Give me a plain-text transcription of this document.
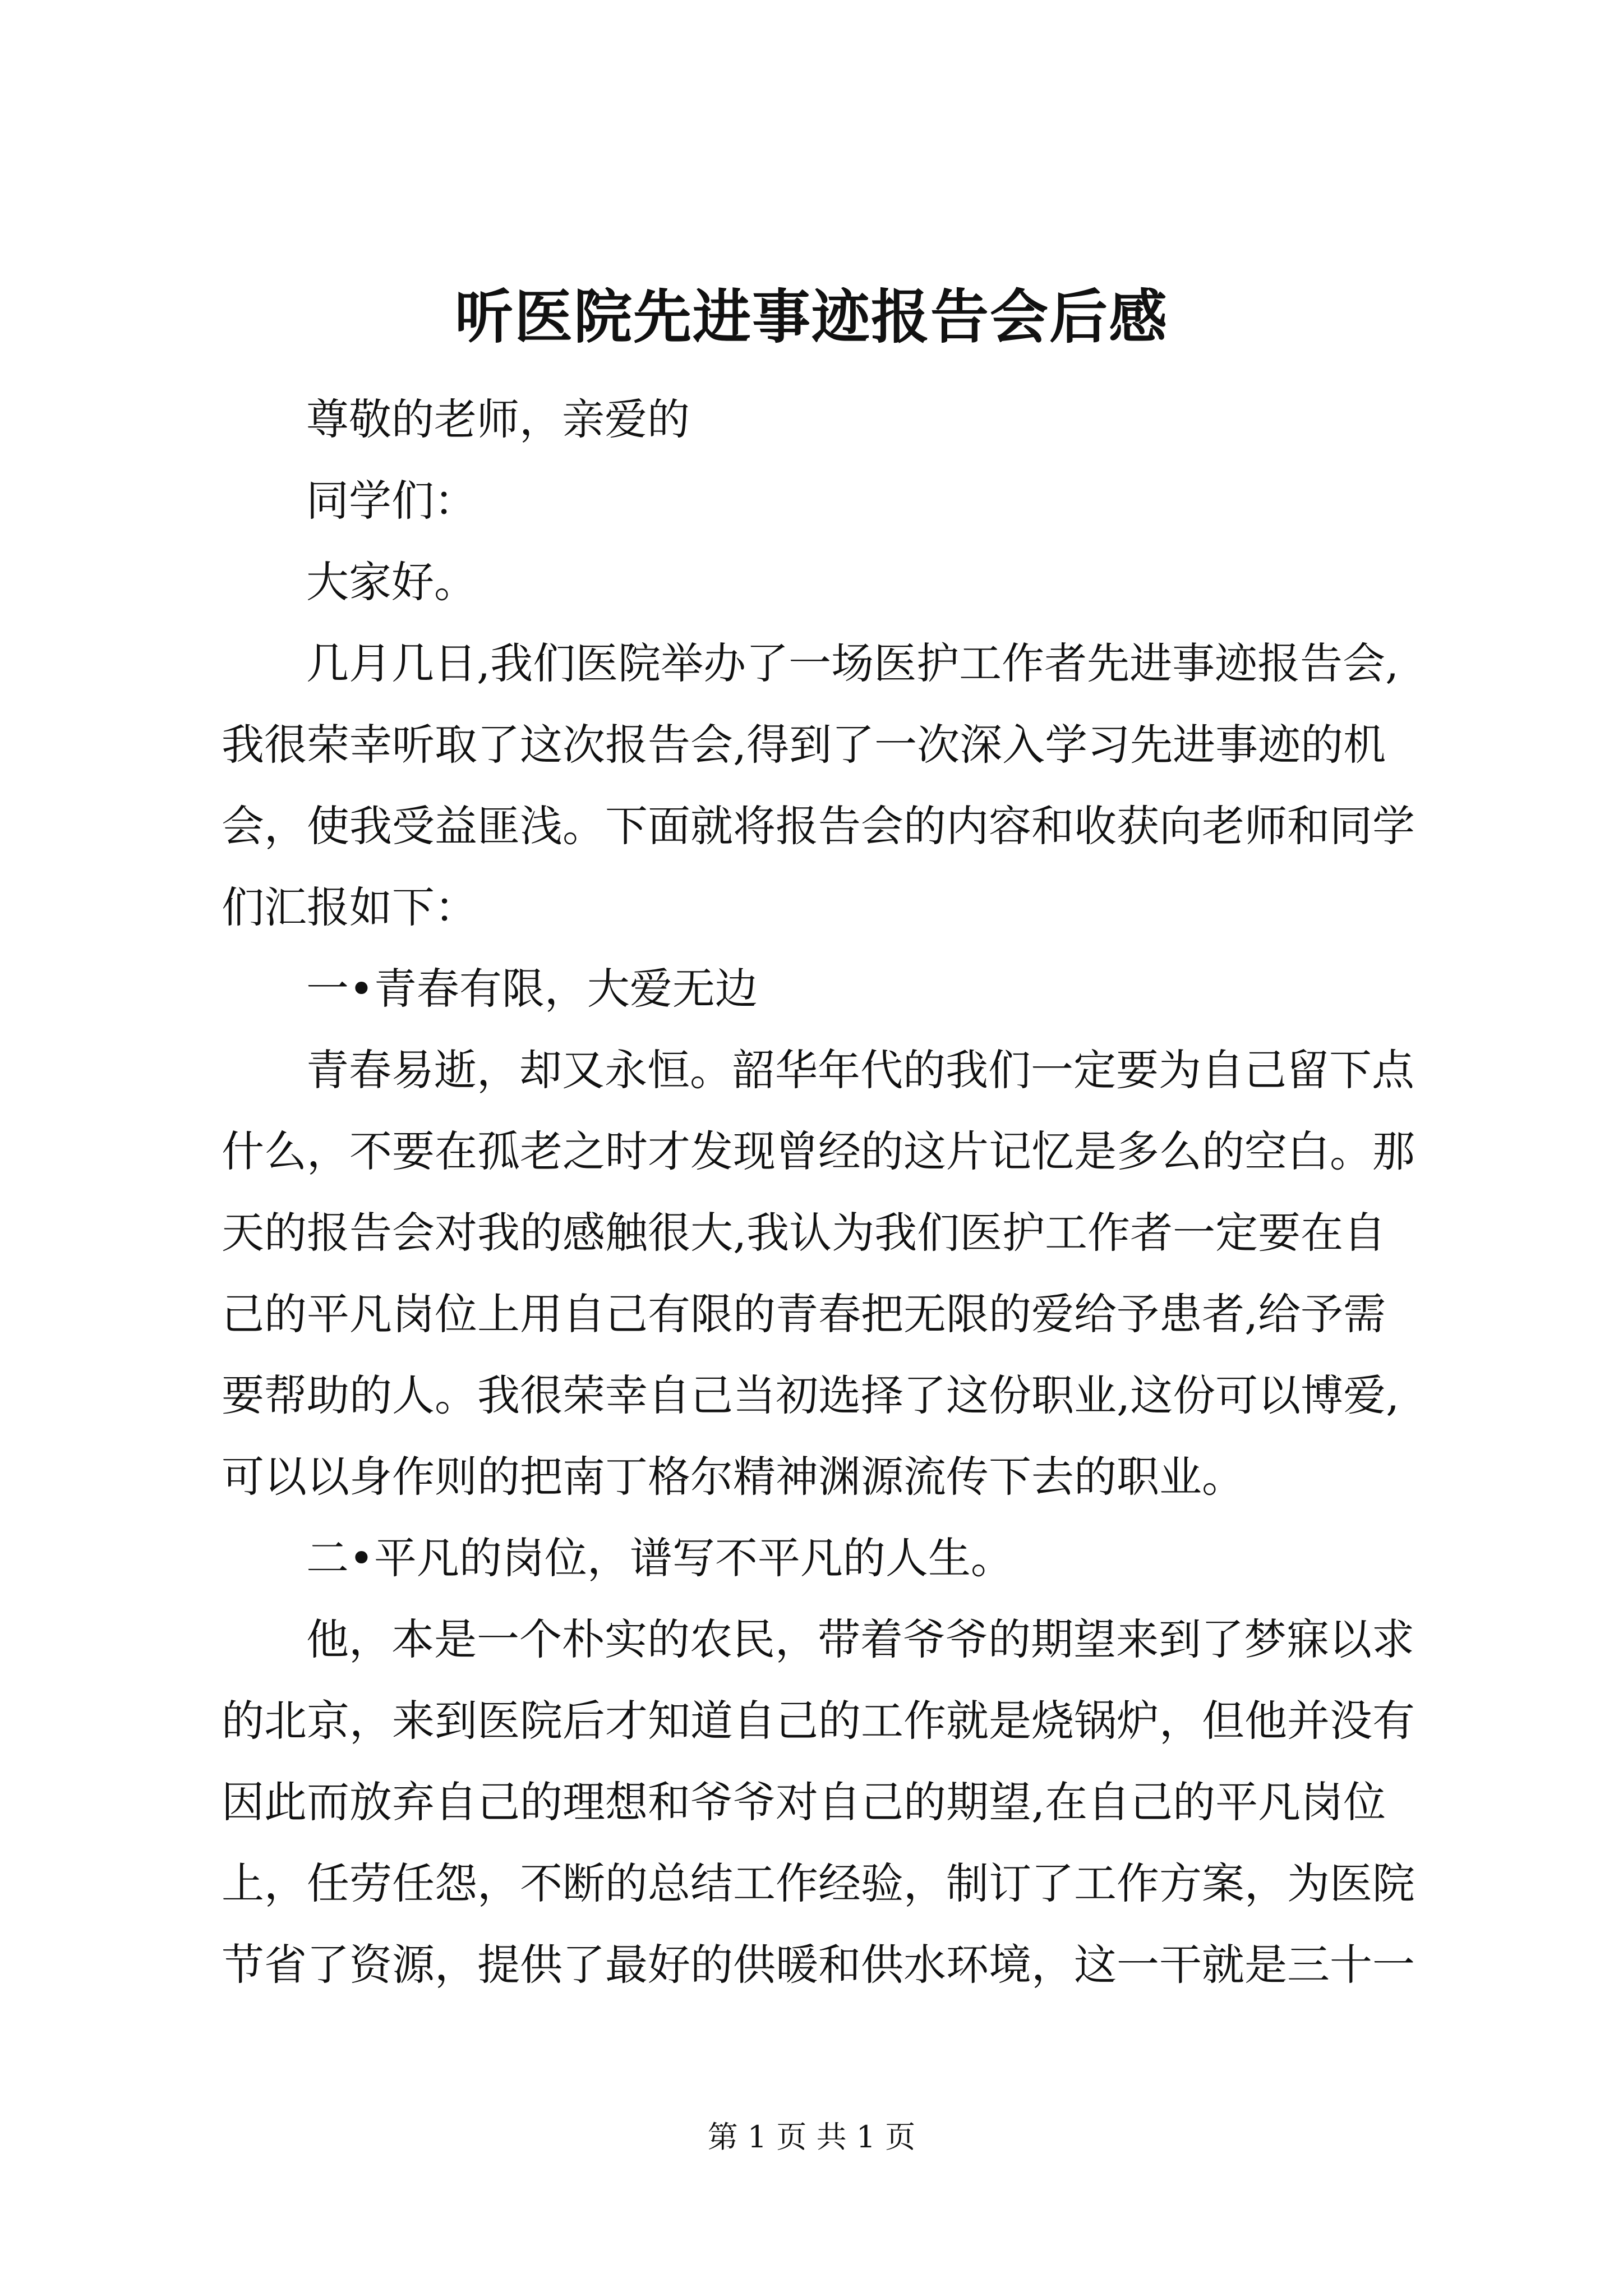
听医院先进事迹报告会后感
尊敬的老师，亲爱的
同学们：
大家好。
几月几日,我们医院举办了一场医护工作者先进事迹报告会,
我很荣幸听取了这次报告会,得到了一次深入学习先进事迹的机
会，使我受益匪浅。下面就将报告会的内容和收获向老师和同学
们汇报如下：
一•青春有限，大爱无边
青春易逝，却又永恒。韶华年代的我们一定要为自己留下点
什么，不要在孤老之时才发现曾经的这片记忆是多么的空白。那
天的报告会对我的感触很大,我认为我们医护工作者一定要在自
己的平凡岗位上用自己有限的青春把无限的爱给予患者,给予需
要帮助的人。我很荣幸自己当初选择了这份职业,这份可以博爱,
可以以身作则的把南丁格尔精神渊源流传下去的职业。
二•平凡的岗位，谱写不平凡的人生。
他，本是一个朴实的农民，带着爷爷的期望来到了梦寐以求
的北京，来到医院后才知道自己的工作就是烧锅炉，但他并没有
因此而放弃自己的理想和爷爷对自己的期望,在自己的平凡岗位
上，任劳任怨，不断的总结工作经验，制订了工作方案，为医院
节省了资源，提供了最好的供暖和供水环境，这一干就是三十一
第 1 页 共 1 页
